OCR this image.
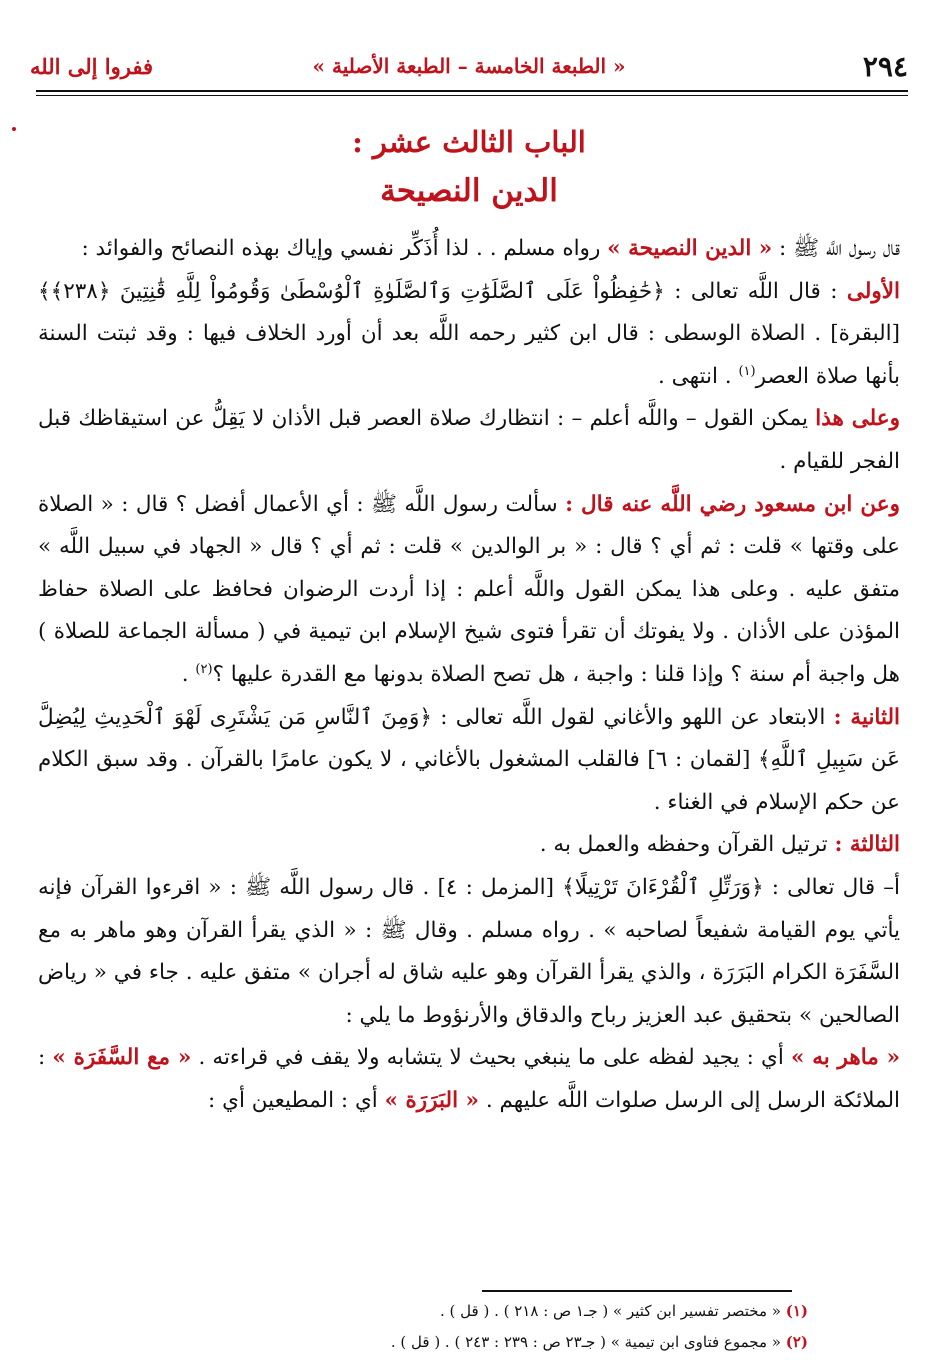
٢٩٤
« الطبعة الخامسة – الطبعة الأصلية »
ففروا إلى الله
الباب الثالث عشر :
الدين النصيحة

قال رسول اللَّه ﷺ : « الدين النصيحة » رواه مسلم . . لذا أُذَكِّر نفسي وإياك بهذه النصائح والفوائد :

الأولى : قال اللَّه تعالى : ﴿حَٰفِظُواْ عَلَى ٱلصَّلَوَٰتِ وَٱلصَّلَوٰةِ ٱلْوُسْطَىٰ وَقُومُواْ لِلَّهِ قَٰنِتِينَ ﴿٢٣٨﴾﴾ [البقرة] . الصلاة الوسطى : قال ابن كثير رحمه اللَّه بعد أن أورد الخلاف فيها : وقد ثبتت السنة بأنها صلاة العصر$^{(١)}$ . انتهى .

وعلى هذا يمكن القول – واللَّه أعلم – : انتظارك صلاة العصر قبل الأذان لا يَقِلُّ عن استيقاظك قبل الفجر للقيام .

وعن ابن مسعود رضي اللَّه عنه قال : سألت رسول اللَّه ﷺ : أي الأعمال أفضل ؟ قال : « الصلاة على وقتها » قلت : ثم أي ؟ قال : « بر الوالدين » قلت : ثم أي ؟ قال « الجهاد في سبيل اللَّه » متفق عليه . وعلى هذا يمكن القول واللَّه أعلم : إذا أردت الرضوان فحافظ على الصلاة حفاظ المؤذن على الأذان . ولا يفوتك أن تقرأ فتوى شيخ الإسلام ابن تيمية في ( مسألة الجماعة للصلاة ) هل واجبة أم سنة ؟ وإذا قلنا : واجبة ، هل تصح الصلاة بدونها مع القدرة عليها ؟$^{(٢)}$ .

الثانية : الابتعاد عن اللهو والأغاني لقول اللَّه تعالى : ﴿وَمِنَ ٱلنَّاسِ مَن يَشْتَرِى لَهْوَ ٱلْحَدِيثِ لِيُضِلَّ عَن سَبِيلِ ٱللَّهِ﴾ [لقمان : ٦] فالقلب المشغول بالأغاني ، لا يكون عامرًا بالقرآن . وقد سبق الكلام عن حكم الإسلام في الغناء .

الثالثة : ترتيل القرآن وحفظه والعمل به .

أ– قال تعالى : ﴿وَرَتِّلِ ٱلْقُرْءَانَ تَرْتِيلًا﴾ [المزمل : ٤] . قال رسول اللَّه ﷺ : « اقرءوا القرآن فإنه يأتي يوم القيامة شفيعاً لصاحبه » . رواه مسلم . وقال ﷺ : « الذي يقرأ القرآن وهو ماهر به مع السَّفَرَة الكرام البَرَرَة ، والذي يقرأ القرآن وهو عليه شاق له أجران » متفق عليه . جاء في « رياض الصالحين » بتحقيق عبد العزيز رباح والدقاق والأرنؤوط ما يلي :

« ماهر به » أي : يجيد لفظه على ما ينبغي بحيث لا يتشابه ولا يقف في قراءته . « مع السَّفَرَة » : الملائكة الرسل إلى الرسل صلوات اللَّه عليهم . « البَرَرَة » أي : المطيعين أي :

(١) « مختصر تفسير ابن كثير » ( جـ١ ص : ٢١٨ ) . ( قل ) .
(٢) « مجموع فتاوى ابن تيمية » ( جـ٢٣ ص : ٢٣٩ : ٢٤٣ ) . ( قل ) .
